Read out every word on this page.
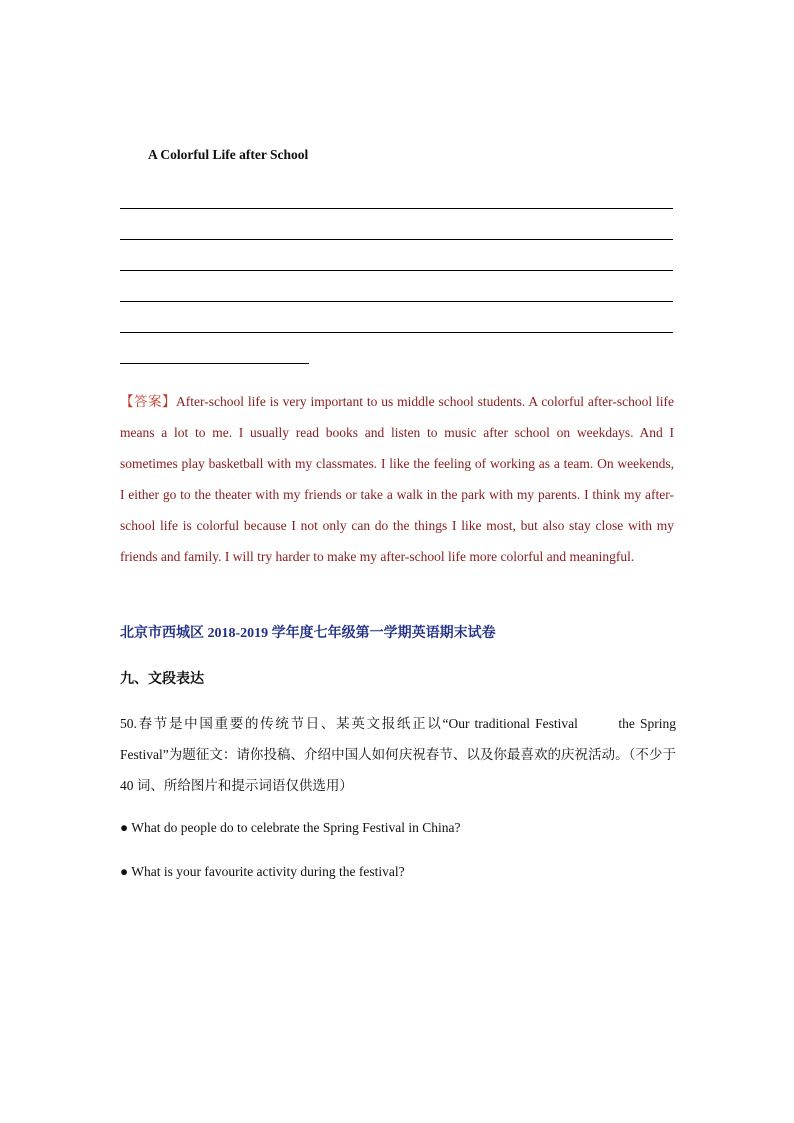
A Colorful Life after School
【答案】After-school life is very important to us middle school students. A colorful after-school life means a lot to me. I usually read books and listen to music after school on weekdays. And I sometimes play basketball with my classmates. I like the feeling of working as a team. On weekends, I either go to the theater with my friends or take a walk in the park with my parents. I think my after-school life is colorful because I not only can do the things I like most, but also stay close with my friends and family. I will try harder to make my after-school life more colorful and meaningful.
北京市西城区 2018-2019 学年度七年级第一学期英语期末试卷
九、文段表达
50.春节是中国重要的传统节日、某英文报纸正以“Our traditional Festival        the Spring Festival”为题征文：请你投稿、介绍中国人如何庆祝春节、以及你最喜欢的庆祝活动。（不少于 40 词、所给图片和提示词语仅供选用）
● What do people do to celebrate the Spring Festival in China?
● What is your favourite activity during the festival?
